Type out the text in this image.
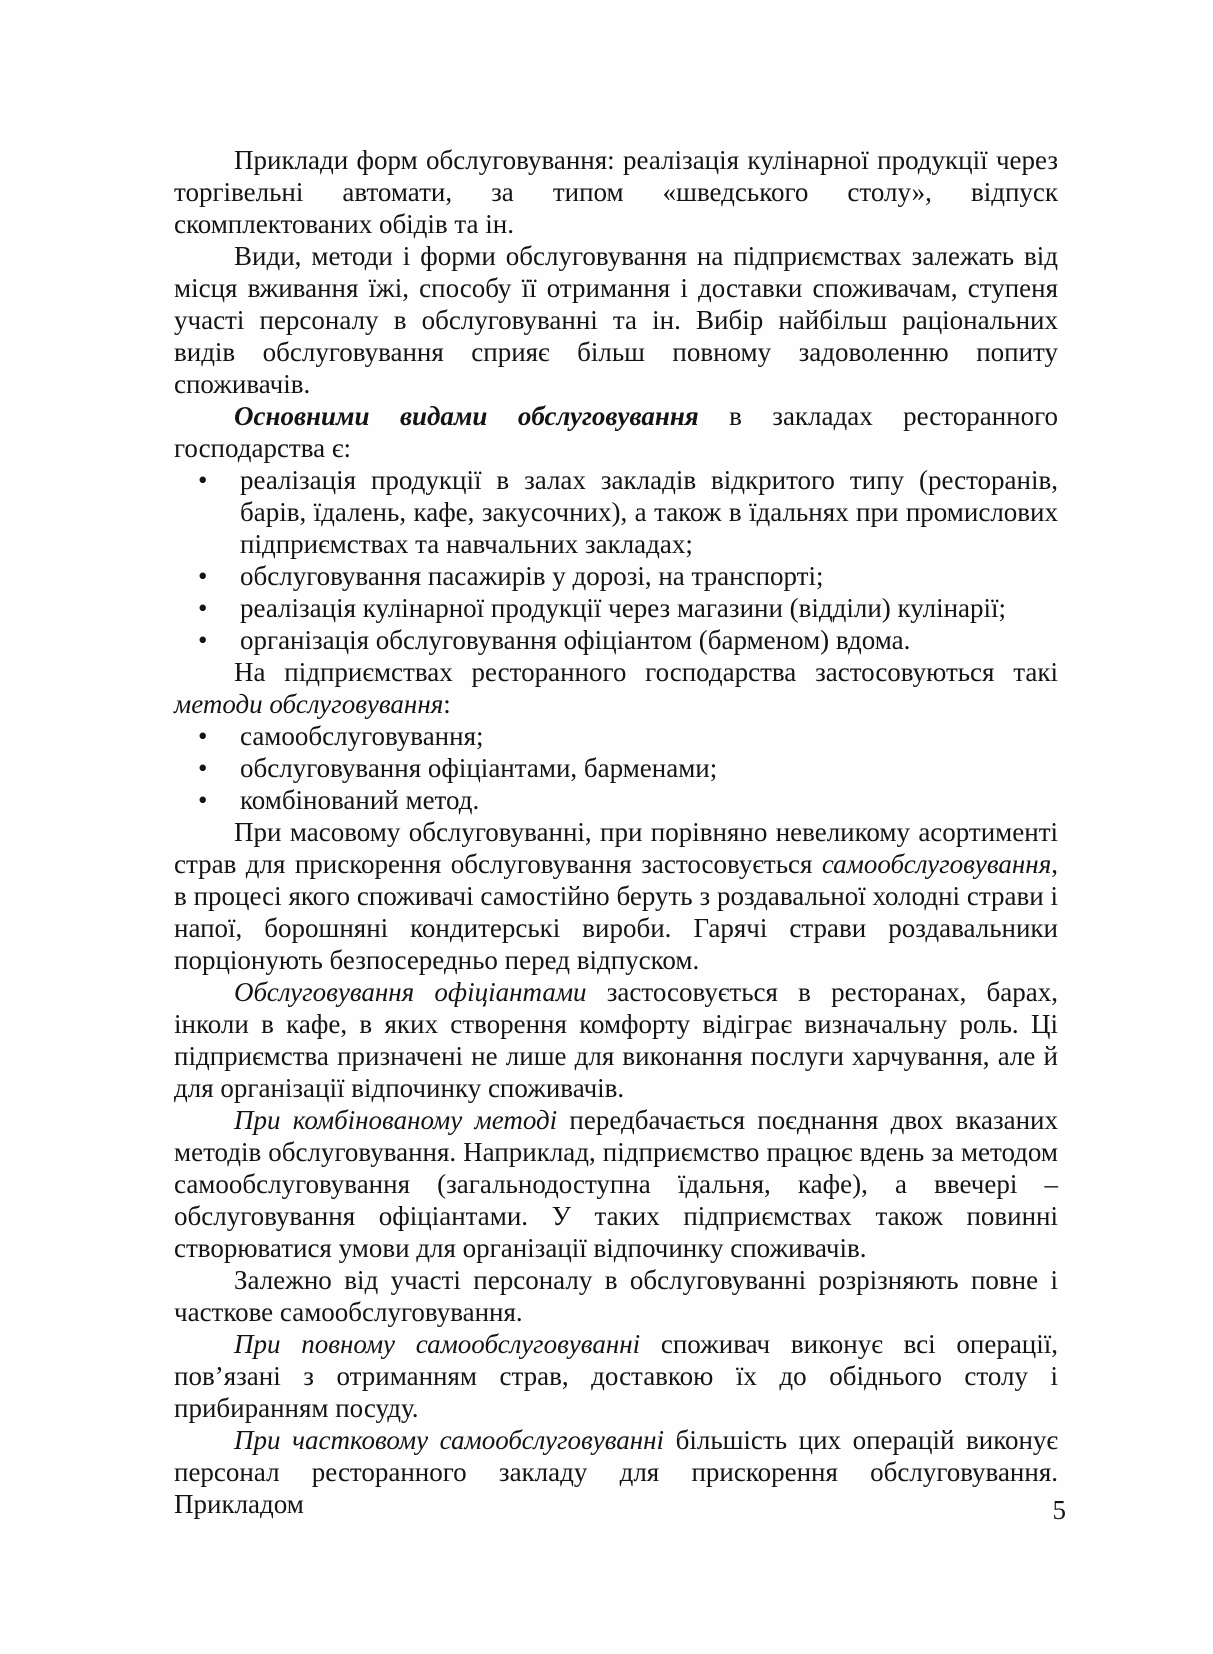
Приклади форм обслуговування: реалізація кулінарної продукції через торгівельні автомати, за типом «шведського столу», відпуск скомплектованих обідів та ін.
Види, методи і форми обслуговування на підприємствах залежать від місця вживання їжі, способу її отримання і доставки споживачам, ступеня участі персоналу в обслуговуванні та ін. Вибір найбільш раціональних видів обслуговування сприяє більш повному задоволенню попиту споживачів.
Основними видами обслуговування в закладах ресторанного господарства є:
• реалізація продукції в залах закладів відкритого типу (ресторанів, барів, їдалень, кафе, закусочних), а також в їдальнях при промислових підприємствах та навчальних закладах;
• обслуговування пасажирів у дорозі, на транспорті;
• реалізація кулінарної продукції через магазини (відділи) кулінарії;
• організація обслуговування офіціантом (барменом) вдома.
На підприємствах ресторанного господарства застосовуються такі методи обслуговування:
• самообслуговування;
• обслуговування офіціантами, барменами;
• комбінований метод.
При масовому обслуговуванні, при порівняно невеликому асортименті страв для прискорення обслуговування застосовується самообслуговування, в процесі якого споживачі самостійно беруть з роздавальної холодні страви і напої, борошняні кондитерські вироби. Гарячі страви роздавальники порціонують безпосередньо перед відпуском.
Обслуговування офіціантами застосовується в ресторанах, барах, інколи в кафе, в яких створення комфорту відіграє визначальну роль. Ці підприємства призначені не лише для виконання послуги харчування, але й для організації відпочинку споживачів.
При комбінованому методі передбачається поєднання двох вказаних методів обслуговування. Наприклад, підприємство працює вдень за методом самообслуговування (загальнодоступна їдальня, кафе), а ввечері – обслуговування офіціантами. У таких підприємствах також повинні створюватися умови для організації відпочинку споживачів.
Залежно від участі персоналу в обслуговуванні розрізняють повне і часткове самообслуговування.
При повному самообслуговуванні споживач виконує всі операції, пов’язані з отриманням страв, доставкою їх до обіднього столу і прибиранням посуду.
При частковому самообслуговуванні більшість цих операцій виконує персонал ресторанного закладу для прискорення обслуговування. Прикладом	5
